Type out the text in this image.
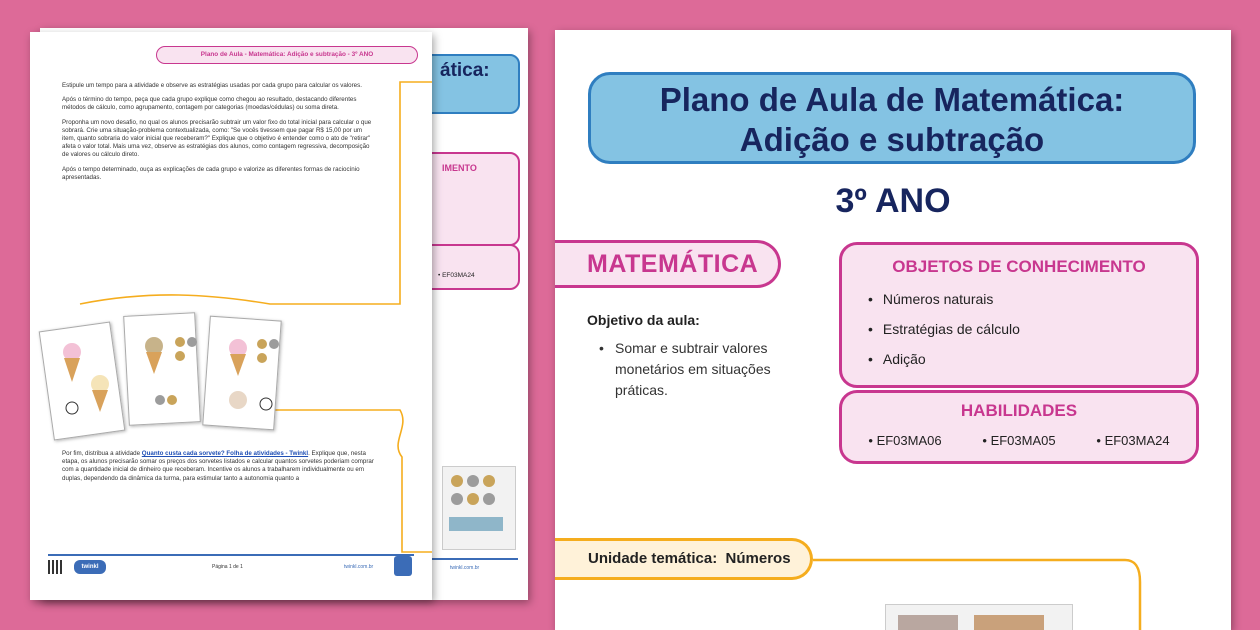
ática:
IMENTO
• EF03MA24
twinkl.com.br
Plano de Aula - Matemática: Adição e subtração - 3º ANO

Estipule um tempo para a atividade e observe as estratégias usadas por cada grupo para calcular os valores.

Após o término do tempo, peça que cada grupo explique como chegou ao resultado, destacando diferentes métodos de cálculo, como agrupamento, contagem por categorias (moedas/cédulas) ou soma direta.

Proponha um novo desafio, no qual os alunos precisarão subtrair um valor fixo do total inicial para calcular o que sobrará. Crie uma situação-problema contextualizada, como: "Se vocês tivessem que pagar R$ 15,00 por um item, quanto sobraria do valor inicial que receberam?" Explique que o objetivo é entender como o ato de "retirar" afeta o valor total. Mais uma vez, observe as estratégias dos alunos, como contagem regressiva, decomposição de valores ou cálculo direto.

Após o tempo determinado, ouça as explicações de cada grupo e valorize as diferentes formas de raciocínio apresentadas.

Por fim, distribua a atividade Quanto custa cada sorvete? Folha de atividades - Twinkl. Explique que, nesta etapa, os alunos precisarão somar os preços dos sorvetes listados e calcular quantos sorvetes poderiam comprar com a quantidade inicial de dinheiro que receberam. Incentive os alunos a trabalharem individualmente ou em duplas, dependendo da dinâmica da turma, para estimular tanto a autonomia quanto a

twinkl	Página 1 de 1	twinkl.com.br
Plano de Aula de Matemática:
Adição e subtração
3º ANO
MATEMÁTICA
Objetivo da aula:
• Somar e subtrair valores monetários em situações práticas.
OBJETOS DE CONHECIMENTO
• Números naturais
• Estratégias de cálculo
• Adição
HABILIDADES
• EF03MA06	• EF03MA05	• EF03MA24
Unidade temática: Números
